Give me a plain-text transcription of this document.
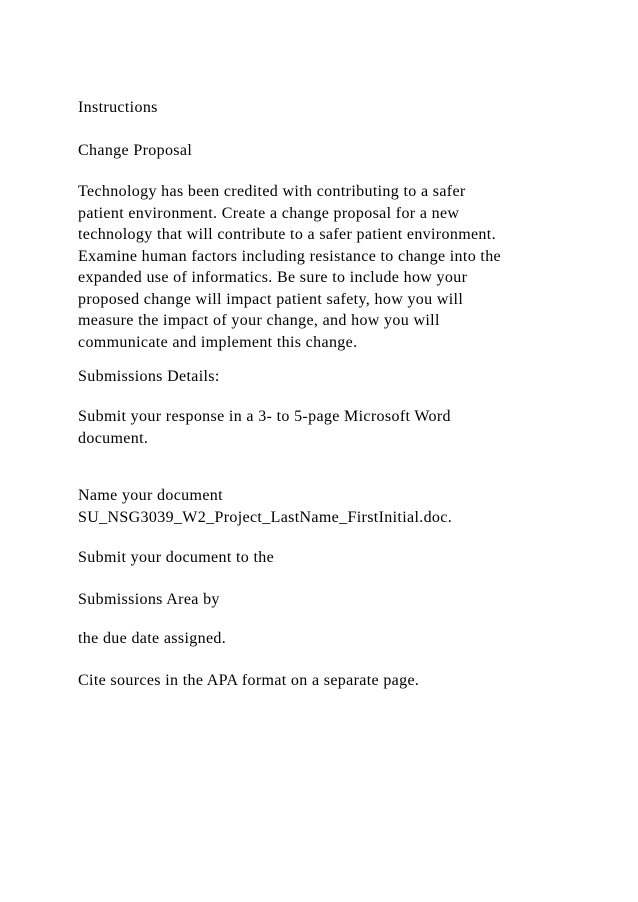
Instructions

Change Proposal

Technology has been credited with contributing to a safer
patient environment. Create a change proposal for a new
technology that will contribute to a safer patient environment.
Examine human factors including resistance to change into the
expanded use of informatics. Be sure to include how your
proposed change will impact patient safety, how you will
measure the impact of your change, and how you will
communicate and implement this change.

Submissions Details:

Submit your response in a 3- to 5-page Microsoft Word
document.

Name your document
SU_NSG3039_W2_Project_LastName_FirstInitial.doc.

Submit your document to the

Submissions Area by

the due date assigned.

Cite sources in the APA format on a separate page.
